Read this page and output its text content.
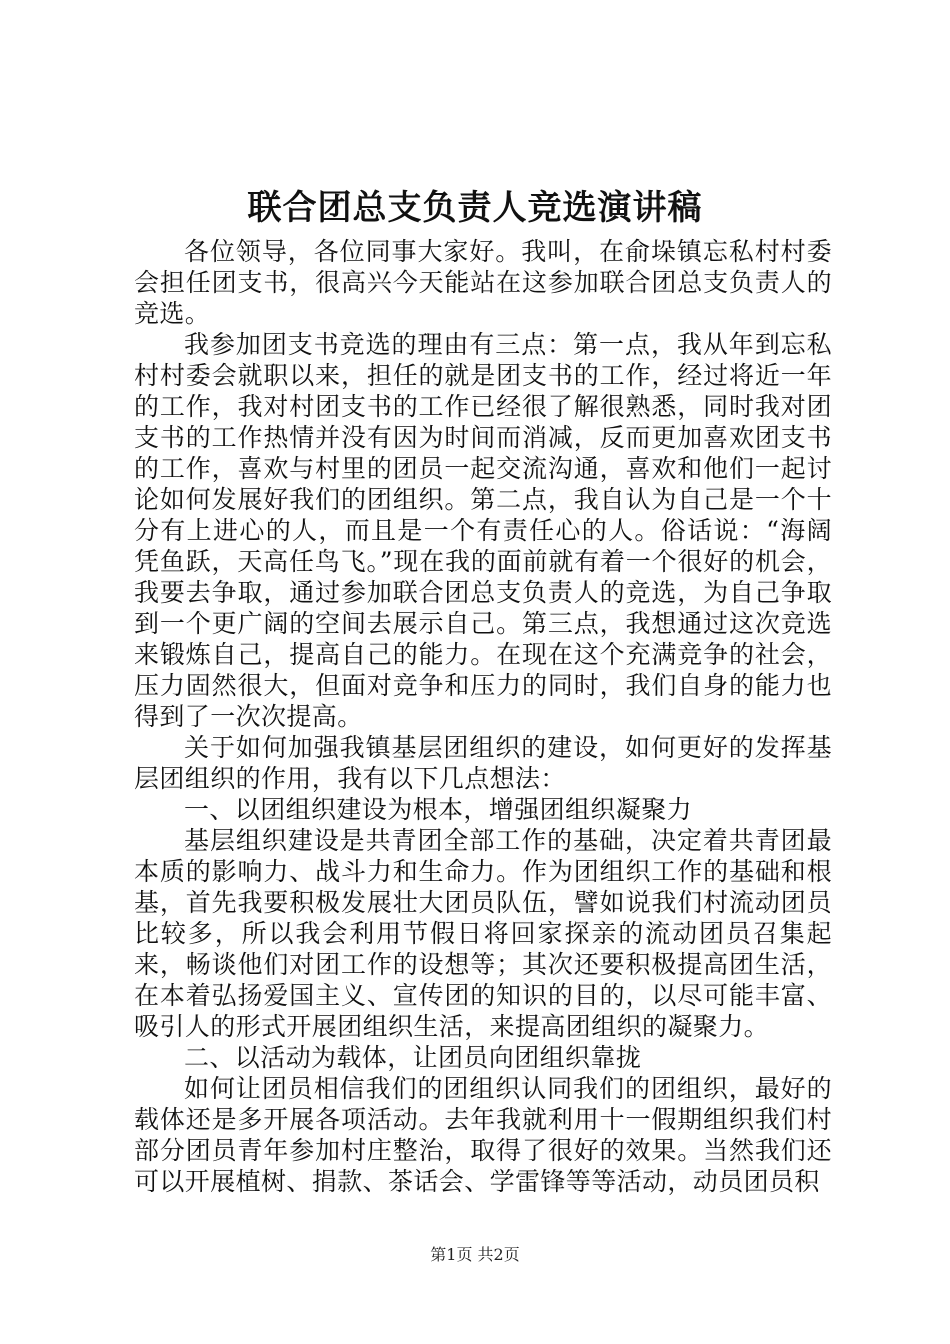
联合团总支负责人竞选演讲稿

各位领导，各位同事大家好。我叫，在俞垛镇忘私村村委会担任团支书，很高兴今天能站在这参加联合团总支负责人的竞选。

我参加团支书竞选的理由有三点：第一点，我从年到忘私村村委会就职以来，担任的就是团支书的工作，经过将近一年的工作，我对村团支书的工作已经很了解很熟悉，同时我对团支书的工作热情并没有因为时间而消减，反而更加喜欢团支书的工作，喜欢与村里的团员一起交流沟通，喜欢和他们一起讨论如何发展好我们的团组织。第二点，我自认为自己是一个十分有上进心的人，而且是一个有责任心的人。俗话说：“海阔凭鱼跃，天高任鸟飞。”现在我的面前就有着一个很好的机会，我要去争取，通过参加联合团总支负责人的竞选，为自己争取到一个更广阔的空间去展示自己。第三点，我想通过这次竞选来锻炼自己，提高自己的能力。在现在这个充满竞争的社会，压力固然很大，但面对竞争和压力的同时，我们自身的能力也得到了一次次提高。

关于如何加强我镇基层团组织的建设，如何更好的发挥基层团组织的作用，我有以下几点想法：

一、以团组织建设为根本，增强团组织凝聚力

基层组织建设是共青团全部工作的基础，决定着共青团最本质的影响力、战斗力和生命力。作为团组织工作的基础和根基，首先我要积极发展壮大团员队伍，譬如说我们村流动团员比较多，所以我会利用节假日将回家探亲的流动团员召集起来，畅谈他们对团工作的设想等；其次还要积极提高团生活，在本着弘扬爱国主义、宣传团的知识的目的，以尽可能丰富、吸引人的形式开展团组织生活，来提高团组织的凝聚力。

二、以活动为载体，让团员向团组织靠拢

如何让团员相信我们的团组织认同我们的团组织，最好的载体还是多开展各项活动。去年我就利用十一假期组织我们村部分团员青年参加村庄整治，取得了很好的效果。当然我们还可以开展植树、捐款、茶话会、学雷锋等等活动，动员团员积

第1页 共2页
